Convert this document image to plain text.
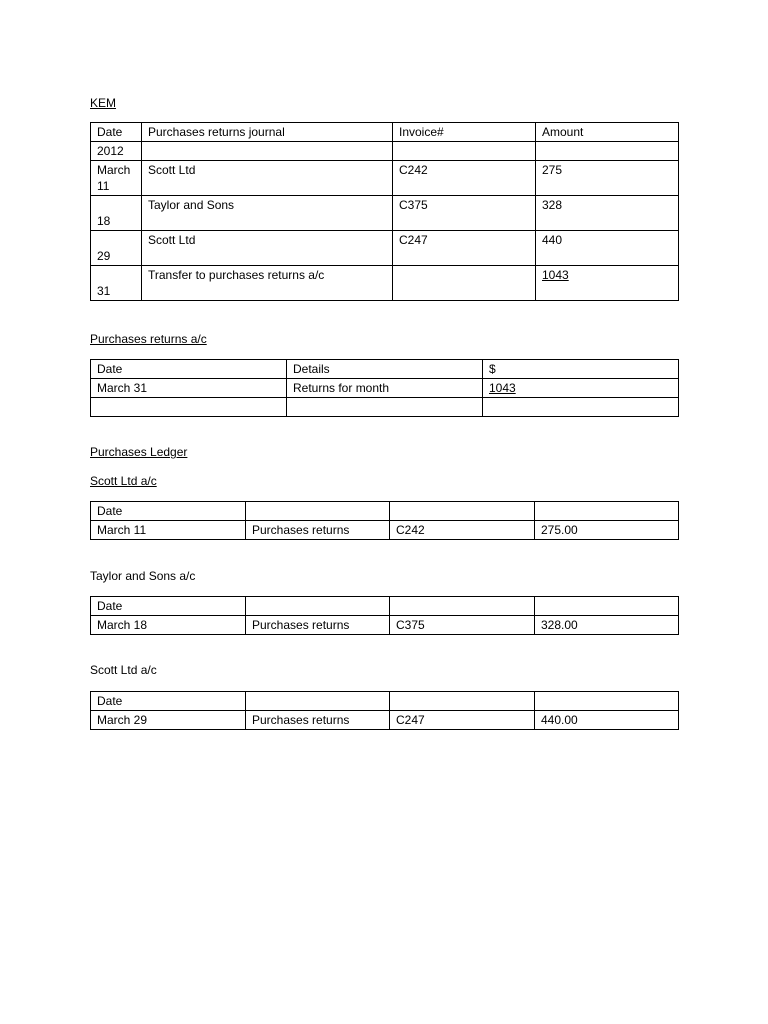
KEM

Date	Purchases returns journal	Invoice#	Amount
2012			
March 11	Scott Ltd	C242	275
18	Taylor and Sons	C375	328
29	Scott Ltd	C247	440
31	Transfer to purchases returns a/c		1043

Purchases returns a/c

Date	Details	$
March 31	Returns for month	1043

Purchases Ledger

Scott Ltd a/c

Date			
March 11	Purchases returns	C242	275.00

Taylor and Sons a/c

Date			
March 18	Purchases returns	C375	328.00

Scott Ltd a/c

Date			
March 29	Purchases returns	C247	440.00
